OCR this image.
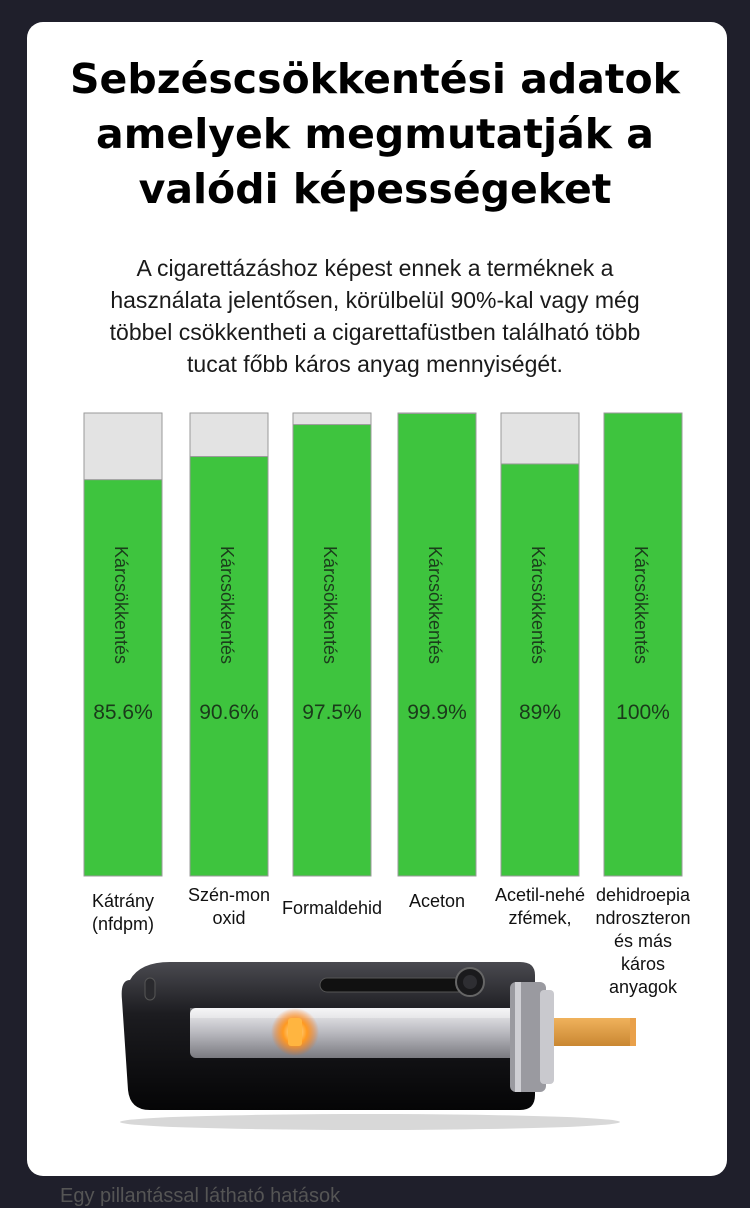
Sebzéscsökkentési adatok
amelyek megmutatják a
valódi képességeket
A cigarettázáshoz képest ennek a terméknek a
használata jelentősen, körülbelül 90%-kal vagy még
többel csökkentheti a cigarettafüstben található több
tucat főbb káros anyag mennyiségét.
Kárcsökkentés
85.6%
Kárcsökkentés
90.6%
Kárcsökkentés
97.5%
Kárcsökkentés
99.9%
Kárcsökkentés
89%
Kárcsökkentés
100%
Kátrány
(nfdpm)
Szén-mon
oxid	Formaldehid	Aceton	Acetil-nehé
zfémek,
dehidroepia
ndroszteron
és más
káros
anyagok
Egy pillantással látható hatások
